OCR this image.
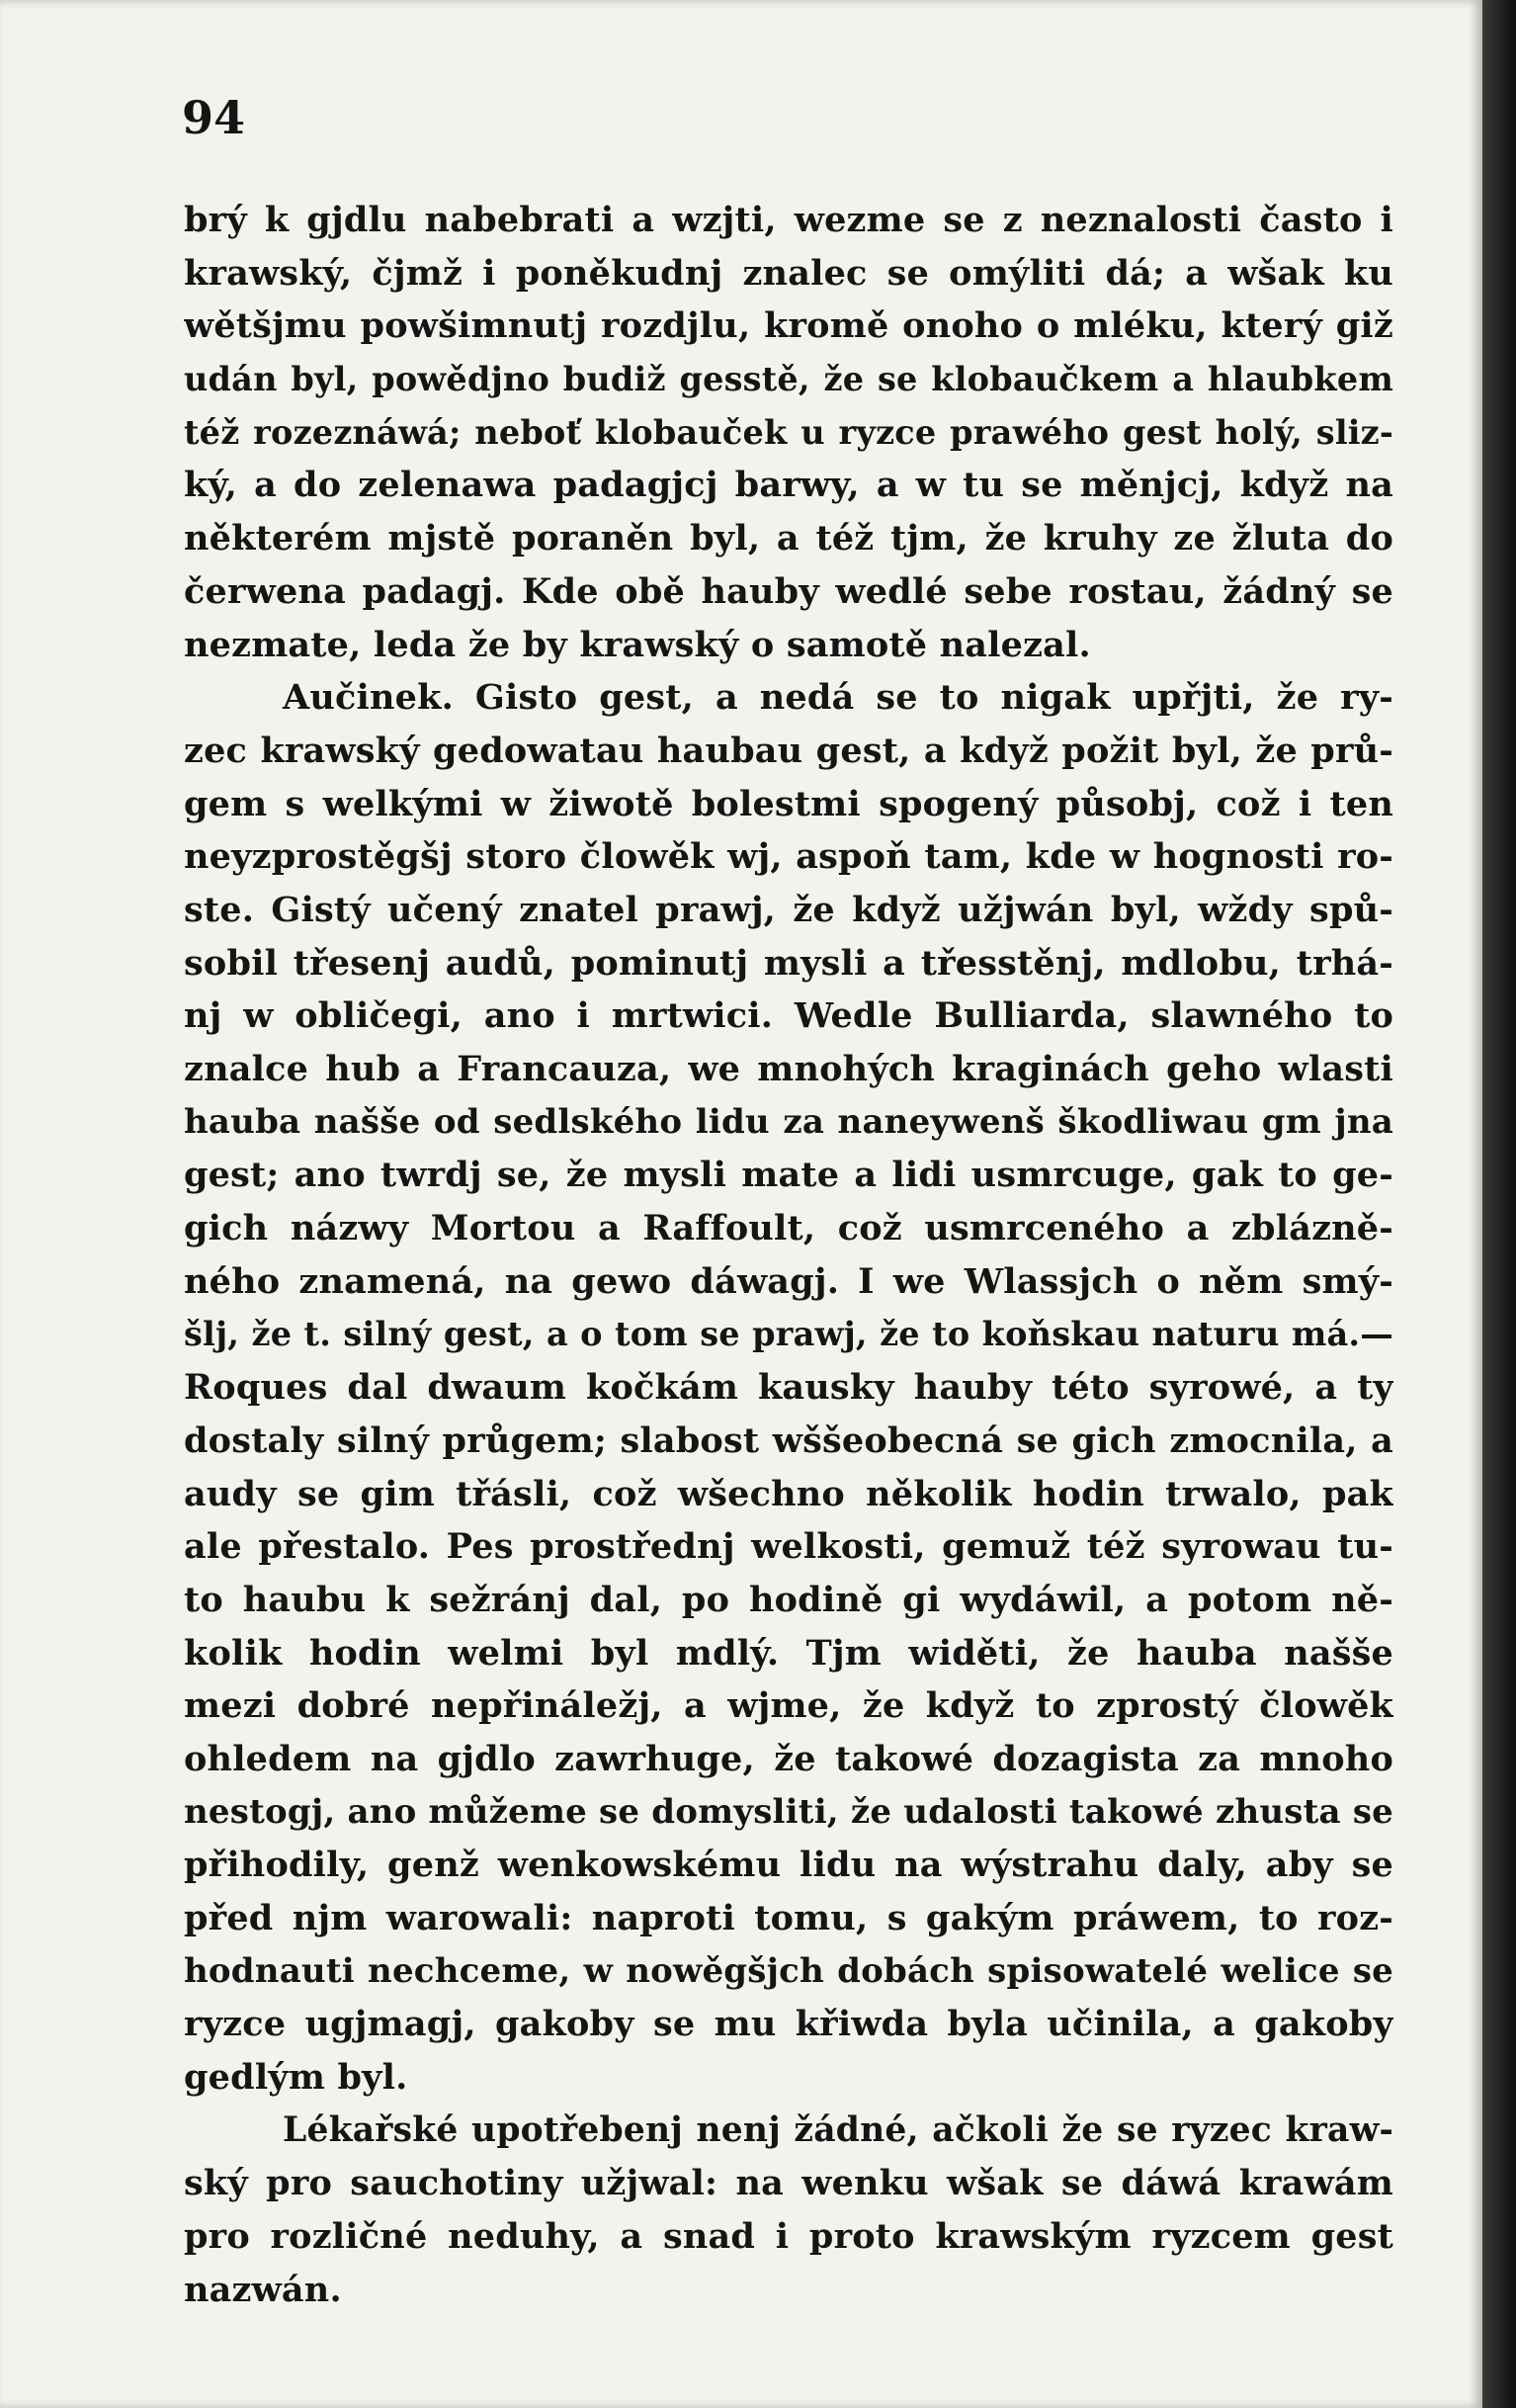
94
brý k gjdlu nabebrati a wzjti, wezme se z neznalosti často i
krawský, čjmž i poněkudnj znalec se omýliti dá; a wšak ku
wětšjmu powšimnutj rozdjlu, kromě onoho o mléku, který giž
udán byl, powědjno budiž gesstě, že se klobaučkem a hlaubkem
též rozeznáwá; neboť klobauček u ryzce prawého gest holý, sliz-
ký, a do zelenawa padagjcj barwy, a w tu se měnjcj, když na
některém mjstě poraněn byl, a též tjm, že kruhy ze žluta do
čerwena padagj. Kde obě hauby wedlé sebe rostau, žádný se
nezmate, leda že by krawský o samotě nalezal.
Aučinek. Gisto gest, a nedá se to nigak upřjti, že ry-
zec krawský gedowatau haubau gest, a když požit byl, že prů-
gem s welkými w žiwotě bolestmi spogený působj, což i ten
neyzprostěgšj storo člowěk wj, aspoň tam, kde w hognosti ro-
ste. Gistý učený znatel prawj, že když užjwán byl, wždy spů-
sobil třesenj audů, pominutj mysli a třesstěnj, mdlobu, trhá-
nj w obličegi, ano i mrtwici. Wedle Bulliarda, slawného to
znalce hub a Francauza, we mnohých kraginách geho wlasti
hauba našše od sedlského lidu za naneywenš škodliwau gm jna
gest; ano twrdj se, že mysli mate a lidi usmrcuge, gak to ge-
gich názwy Mortou a Raffoult, což usmrceného a zblázně-
ného znamená, na gewo dáwagj. I we Wlassjch o něm smý-
šlj, že t. silný gest, a o tom se prawj, že to koňskau naturu má.—
Roques dal dwaum kočkám kausky hauby této syrowé, a ty
dostaly silný průgem; slabost wššeobecná se gich zmocnila, a
audy se gim třásli, což wšechno několik hodin trwalo, pak
ale přestalo. Pes prostřednj welkosti, gemuž též syrowau tu-
to haubu k sežránj dal, po hodině gi wydáwil, a potom ně-
kolik hodin welmi byl mdlý. Tjm widěti, že hauba našše
mezi dobré nepřináležj, a wjme, že když to zprostý člowěk
ohledem na gjdlo zawrhuge, že takowé dozagista za mnoho
nestogj, ano můžeme se domysliti, že udalosti takowé zhusta se
přihodily, genž wenkowskému lidu na wýstrahu daly, aby se
před njm warowali: naproti tomu, s gakým práwem, to roz-
hodnauti nechceme, w nowěgšjch dobách spisowatelé welice se
ryzce ugjmagj, gakoby se mu křiwda byla učinila, a gakoby
gedlým byl.
Lékařské upotřebenj nenj žádné, ačkoli že se ryzec kraw-
ský pro sauchotiny užjwal: na wenku wšak se dáwá krawám
pro rozličné neduhy, a snad i proto krawským ryzcem gest
nazwán.
